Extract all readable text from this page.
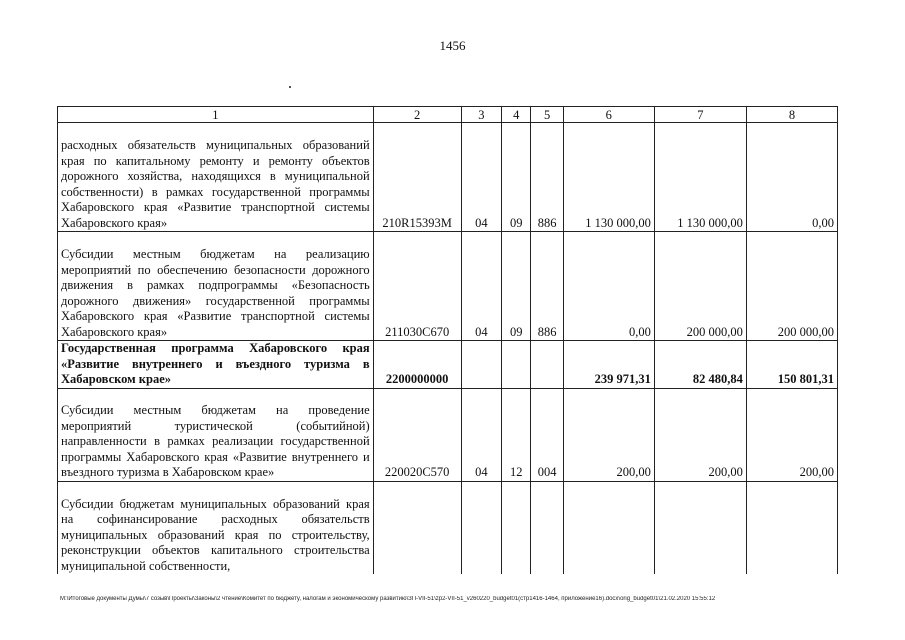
1456
1	2	3	4	5	6	7	8
расходных обязательств муниципальных образований края по капитальному ремонту и ремонту объектов дорожного хозяйства, находящихся в муниципальной собственности) в рамках государственной программы Хабаровского края «Развитие транспортной системы Хабаровского края»	210R15393M	04	09	886	1 130 000,00	1 130 000,00	0,00
Субсидии местным бюджетам на реализацию мероприятий по обеспечению безопасности дорожного движения в рамках подпрограммы «Безопасность дорожного движения» государственной программы Хабаровского края «Развитие транспортной системы Хабаровского края»	211030С670	04	09	886	0,00	200 000,00	200 000,00
Государственная программа Хабаровского края «Развитие внутреннего и въездного туризма в Хабаровском крае»	2200000000				239 971,31	82 480,84	150 801,31
Субсидии местным бюджетам на проведение мероприятий туристической (событийной) направленности в рамках реализации государственной программы Хабаровского края «Развитие внутреннего и въездного туризма в Хабаровском крае»	220020С570	04	12	004	200,00	200,00	200,00
Субсидии бюджетам муниципальных образований края на софинансирование расходных обязательств муниципальных образований края по строительству, реконструкции объектов капитального строительства муниципальной собственности,							
M:\Итоговые документы Думы\7 созыв\Проекты\Законы\2 чтение\Комитет по бюджету, налогам и экономическому развитию\ЗП-VII-51\zp2-VII-51_v260220_budget01(стр1416-1464, приложение16).docx\orig_budget01\21.02.2020 15:55:12
